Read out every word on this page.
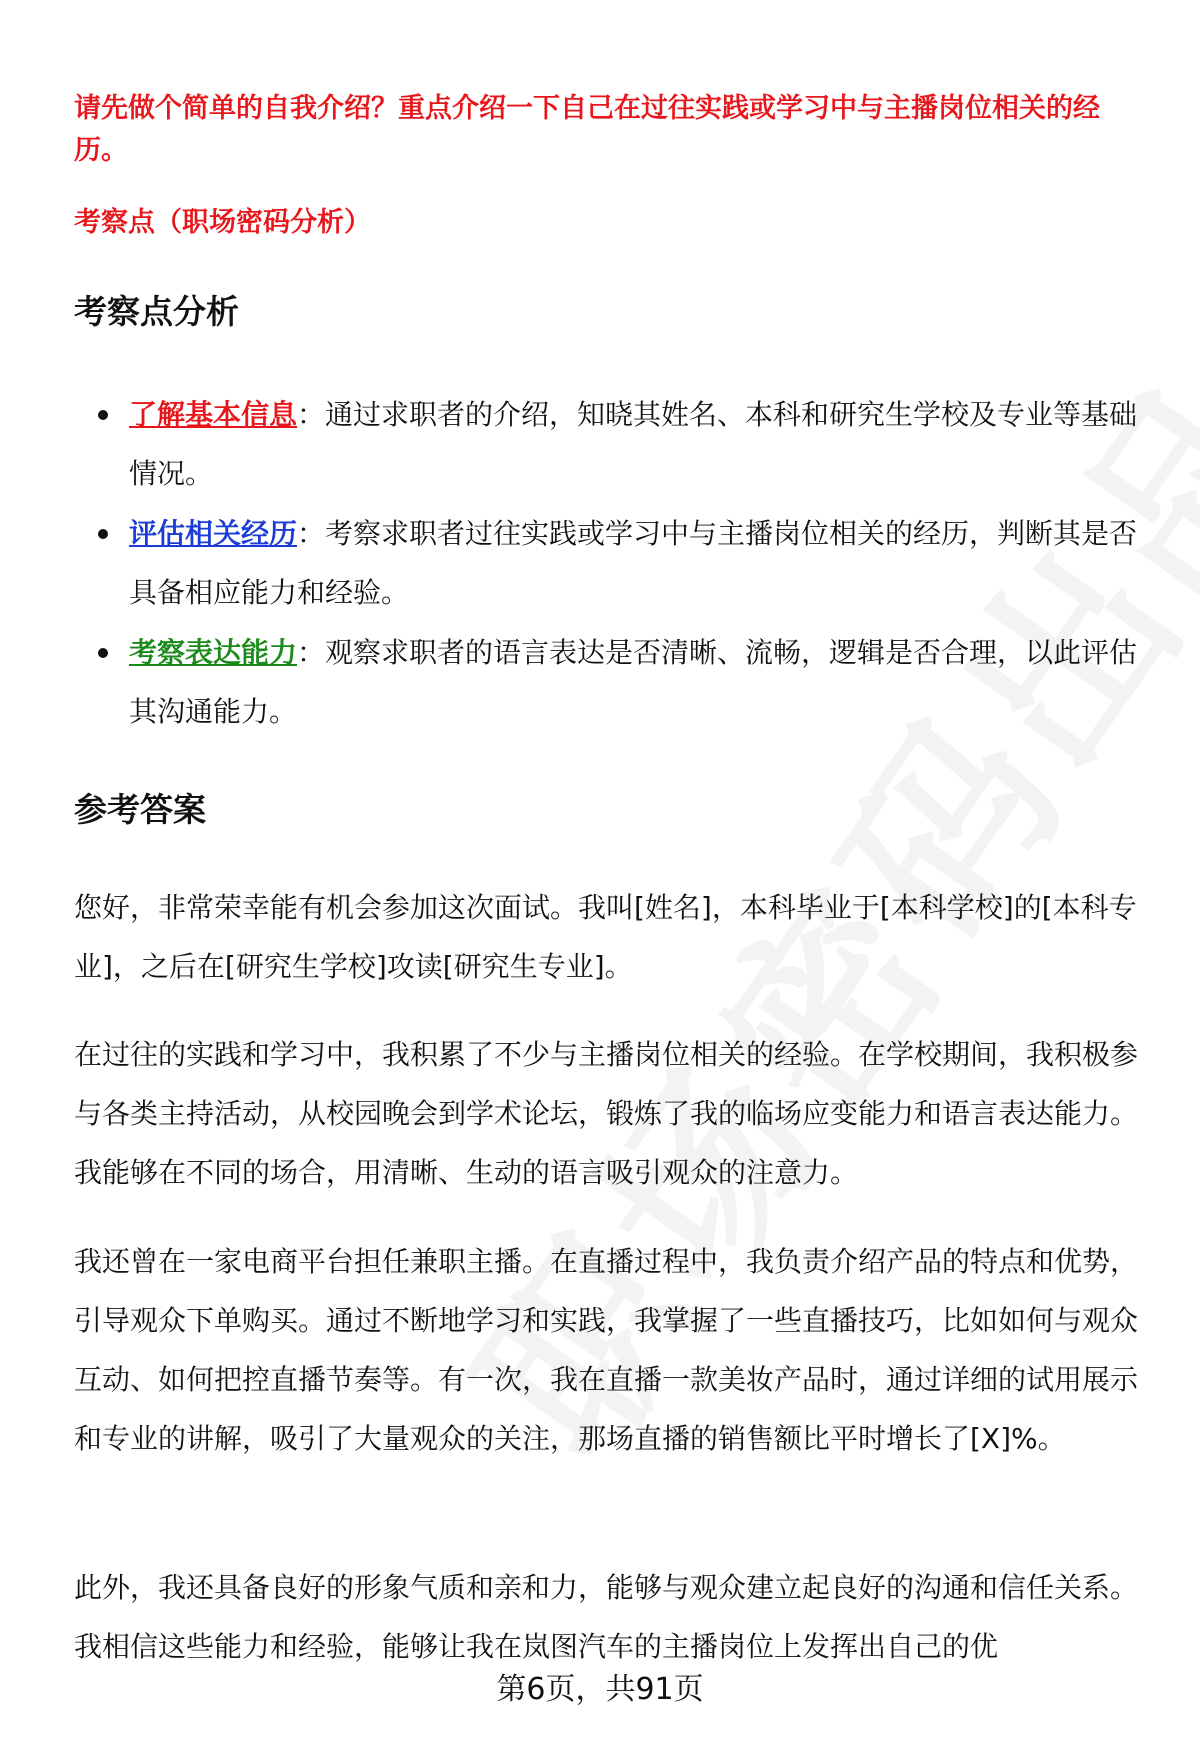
请先做个简单的自我介绍？重点介绍一下自己在过往实践或学习中与主播岗位相关的经历。
考察点（职场密码分析）
考察点分析
了解基本信息：通过求职者的介绍，知晓其姓名、本科和研究生学校及专业等基础情况。
评估相关经历：考察求职者过往实践或学习中与主播岗位相关的经历，判断其是否具备相应能力和经验。
考察表达能力：观察求职者的语言表达是否清晰、流畅，逻辑是否合理，以此评估其沟通能力。
参考答案

您好，非常荣幸能有机会参加这次面试。我叫[姓名]，本科毕业于[本科学校]的[本科专业]，之后在[研究生学校]攻读[研究生专业]。

在过往的实践和学习中，我积累了不少与主播岗位相关的经验。在学校期间，我积极参与各类主持活动，从校园晚会到学术论坛，锻炼了我的临场应变能力和语言表达能力。我能够在不同的场合，用清晰、生动的语言吸引观众的注意力。

我还曾在一家电商平台担任兼职主播。在直播过程中，我负责介绍产品的特点和优势，引导观众下单购买。通过不断地学习和实践，我掌握了一些直播技巧，比如如何与观众互动、如何把控直播节奏等。有一次，我在直播一款美妆产品时，通过详细的试用展示和专业的讲解，吸引了大量观众的关注，那场直播的销售额比平时增长了[X]%。

此外，我还具备良好的形象气质和亲和力，能够与观众建立起良好的沟通和信任关系。我相信这些能力和经验，能够让我在岚图汽车的主播岗位上发挥出自己的优

第6页，共91页
